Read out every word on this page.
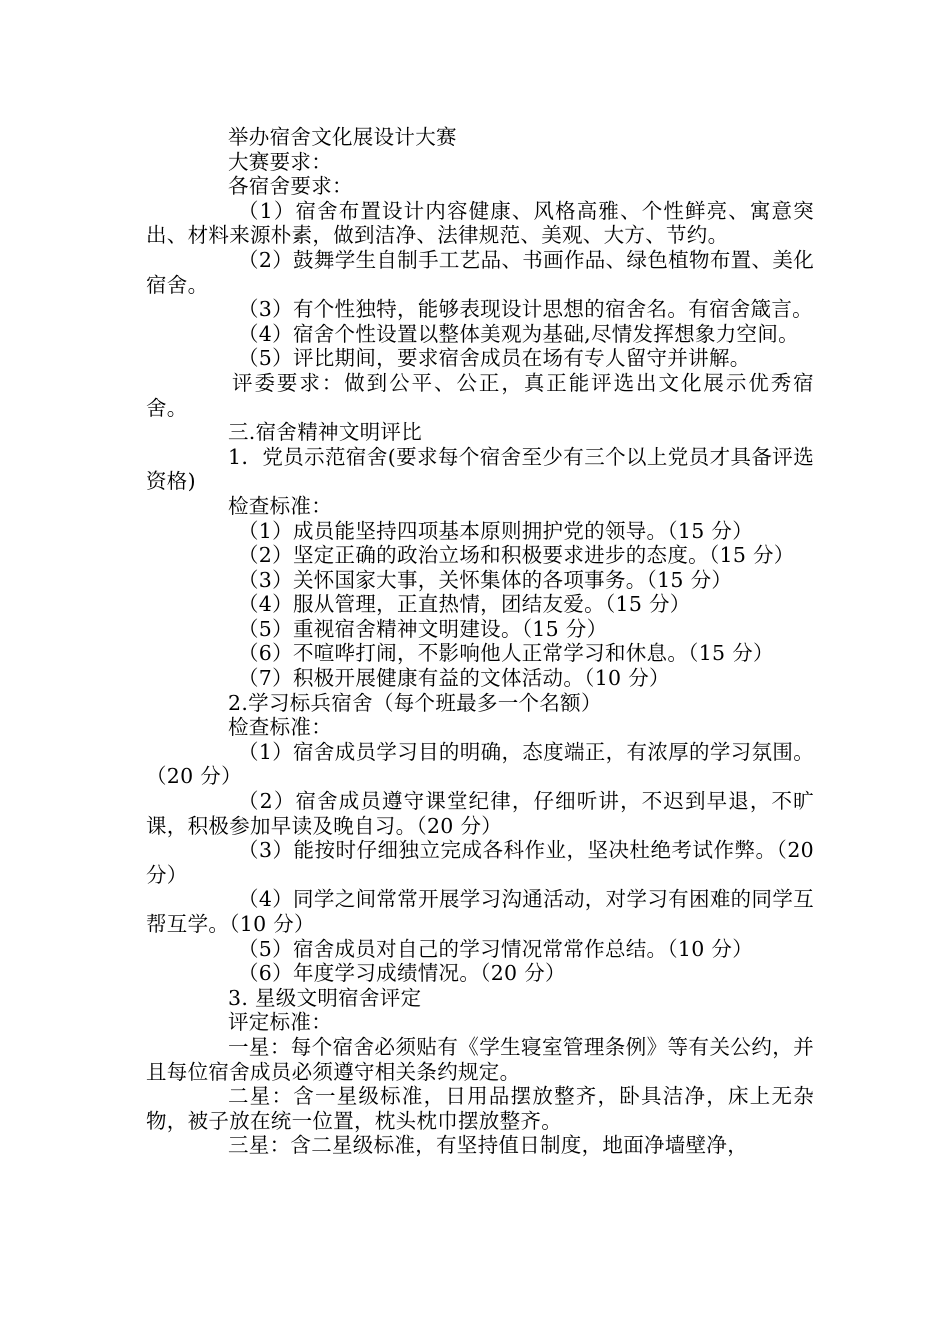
举办宿舍文化展设计大赛

大赛要求：

各宿舍要求：

（1）宿舍布置设计内容健康、风格高雅、个性鲜亮、寓意突出、材料来源朴素，做到洁净、法律规范、美观、大方、节约。

（2）鼓舞学生自制手工艺品、书画作品、绿色植物布置、美化宿舍。

（3）有个性独特，能够表现设计思想的宿舍名。有宿舍箴言。

（4）宿舍个性设置以整体美观为基础,尽情发挥想象力空间。

（5）评比期间，要求宿舍成员在场有专人留守并讲解。

评委要求：做到公平、公正，真正能评选出文化展示优秀宿舍。

三.宿舍精神文明评比

1．党员示范宿舍(要求每个宿舍至少有三个以上党员才具备评选资格)

检查标准：

（1）成员能坚持四项基本原则拥护党的领导。（15 分）

（2）坚定正确的政治立场和积极要求进步的态度。（15 分）

（3）关怀国家大事，关怀集体的各项事务。（15 分）

（4）服从管理，正直热情，团结友爱。（15 分）

（5）重视宿舍精神文明建设。（15 分）

（6）不喧哗打闹，不影响他人正常学习和休息。（15 分）

（7）积极开展健康有益的文体活动。（10 分）

2.学习标兵宿舍（每个班最多一个名额）

检查标准：

（1）宿舍成员学习目的明确，态度端正，有浓厚的学习氛围。（20 分）

（2）宿舍成员遵守课堂纪律，仔细听讲，不迟到早退，不旷课，积极参加早读及晚自习。（20 分）

（3）能按时仔细独立完成各科作业，坚决杜绝考试作弊。（20 分）

（4）同学之间常常开展学习沟通活动，对学习有困难的同学互帮互学。（10 分）

（5）宿舍成员对自己的学习情况常常作总结。（10 分）

（6）年度学习成绩情况。（20 分）

3. 星级文明宿舍评定

评定标准：

一星：每个宿舍必须贴有《学生寝室管理条例》等有关公约，并且每位宿舍成员必须遵守相关条约规定。

二星：含一星级标准，日用品摆放整齐，卧具洁净，床上无杂物，被子放在统一位置，枕头枕巾摆放整齐。

三星：含二星级标准，有坚持值日制度，地面净墙壁净，
